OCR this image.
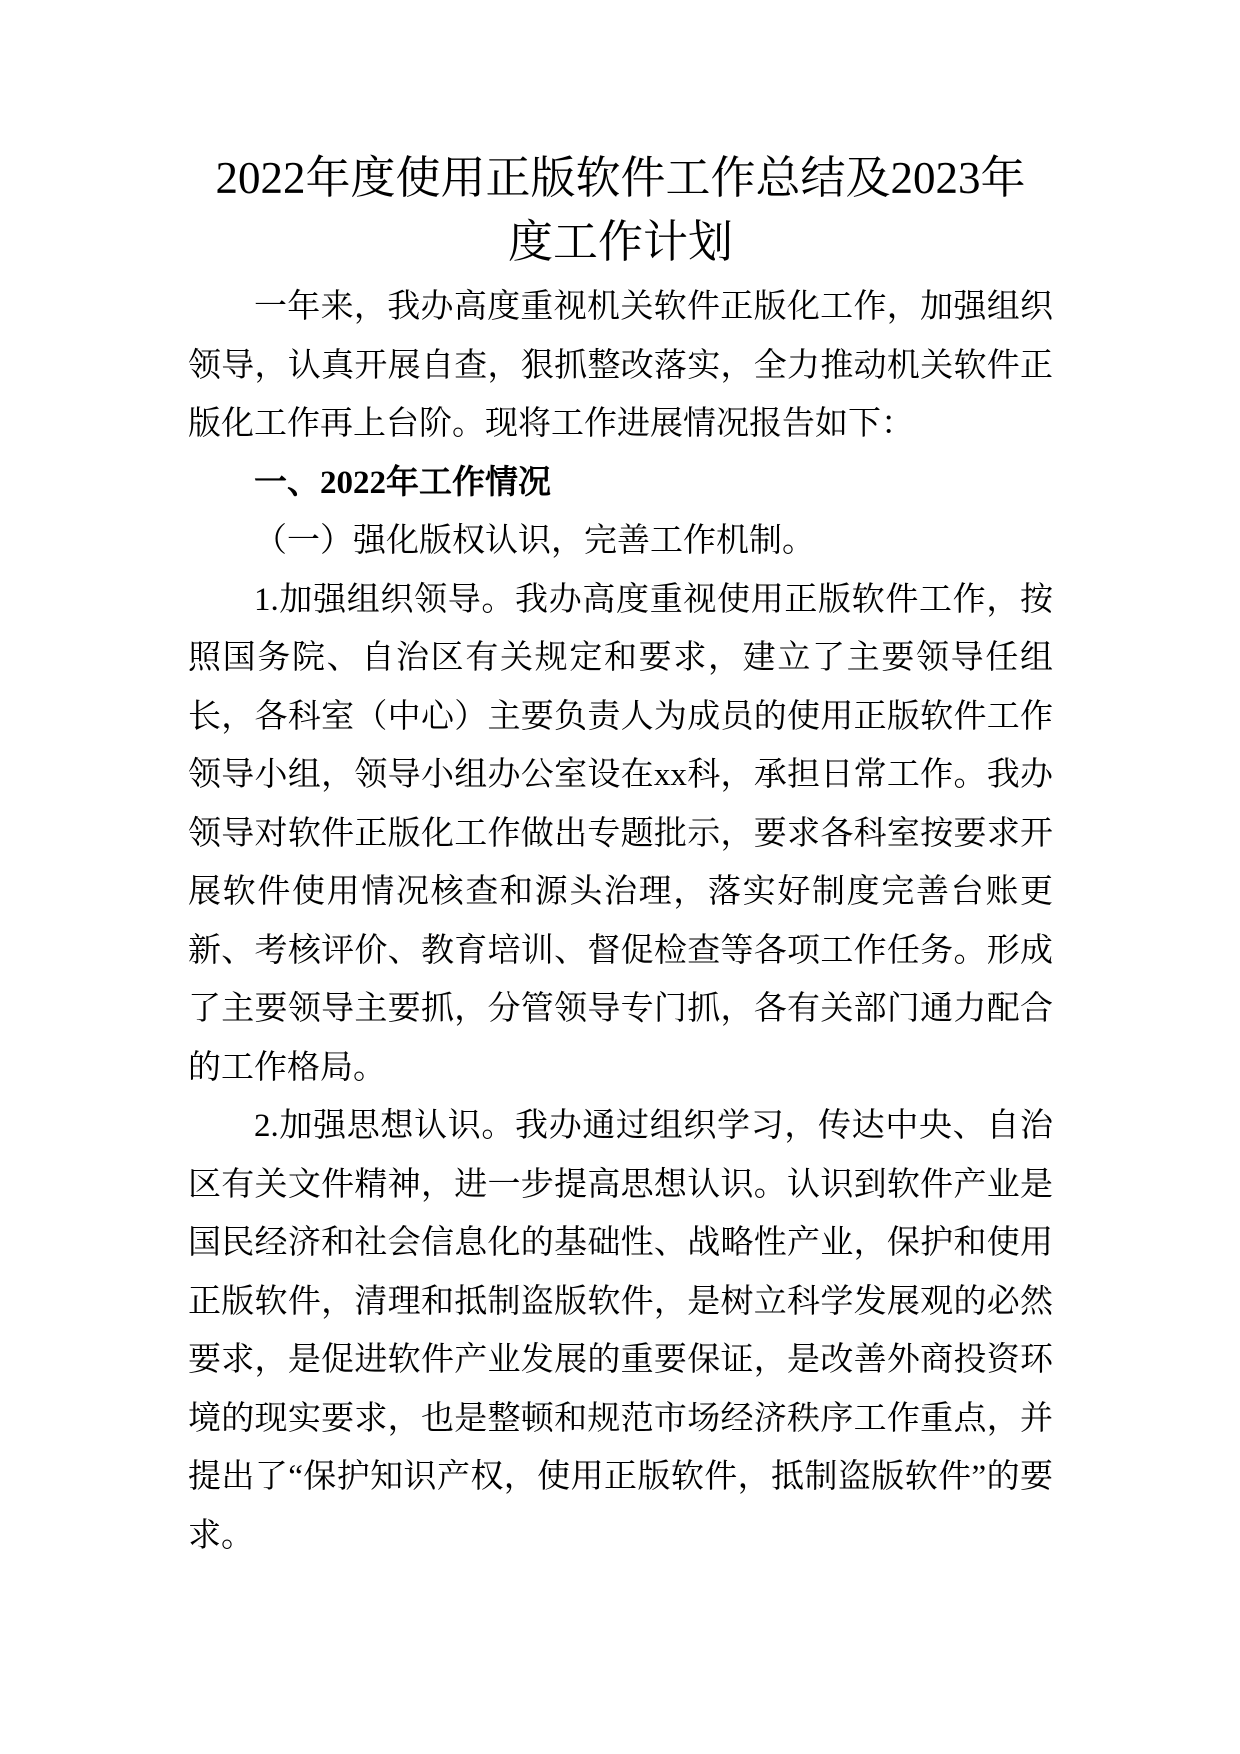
2022年度使用正版软件工作总结及2023年度工作计划

一年来，我办高度重视机关软件正版化工作，加强组织领导，认真开展自查，狠抓整改落实，全力推动机关软件正版化工作再上台阶。现将工作进展情况报告如下：

一、2022年工作情况

（一）强化版权认识，完善工作机制。

1.加强组织领导。我办高度重视使用正版软件工作，按照国务院、自治区有关规定和要求，建立了主要领导任组长，各科室（中心）主要负责人为成员的使用正版软件工作领导小组，领导小组办公室设在xx科，承担日常工作。我办领导对软件正版化工作做出专题批示，要求各科室按要求开展软件使用情况核查和源头治理，落实好制度完善台账更新、考核评价、教育培训、督促检查等各项工作任务。形成了主要领导主要抓，分管领导专门抓，各有关部门通力配合的工作格局。

2.加强思想认识。我办通过组织学习，传达中央、自治区有关文件精神，进一步提高思想认识。认识到软件产业是国民经济和社会信息化的基础性、战略性产业，保护和使用正版软件，清理和抵制盗版软件，是树立科学发展观的必然要求，是促进软件产业发展的重要保证，是改善外商投资环境的现实要求，也是整顿和规范市场经济秩序工作重点，并提出了“保护知识产权，使用正版软件，抵制盗版软件”的要求。
